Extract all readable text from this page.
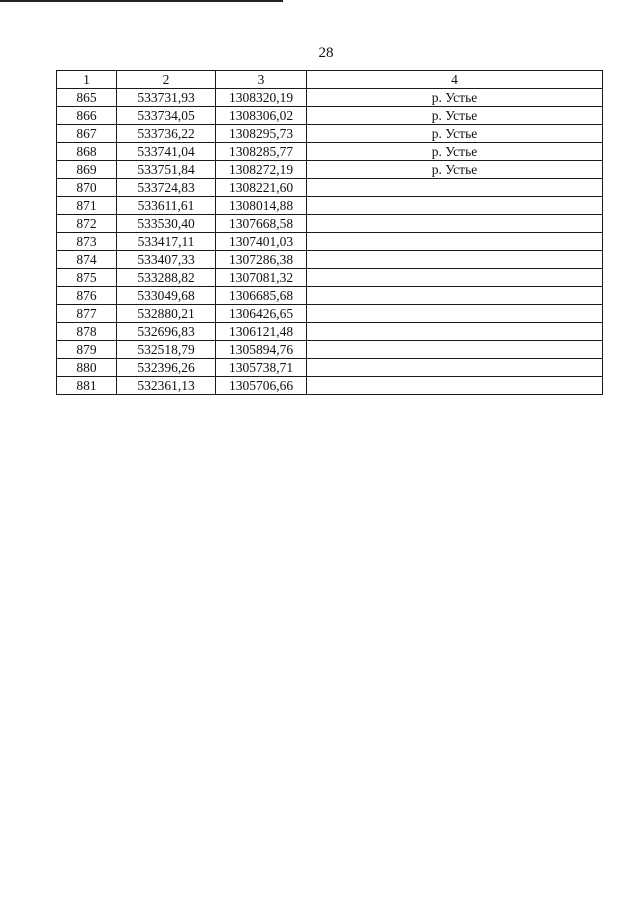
28
1	2	3	4
865	533731,93	1308320,19	р. Устье
866	533734,05	1308306,02	р. Устье
867	533736,22	1308295,73	р. Устье
868	533741,04	1308285,77	р. Устье
869	533751,84	1308272,19	р. Устье
870	533724,83	1308221,60	
871	533611,61	1308014,88	
872	533530,40	1307668,58	
873	533417,11	1307401,03	
874	533407,33	1307286,38	
875	533288,82	1307081,32	
876	533049,68	1306685,68	
877	532880,21	1306426,65	
878	532696,83	1306121,48	
879	532518,79	1305894,76	
880	532396,26	1305738,71	
881	532361,13	1305706,66	
